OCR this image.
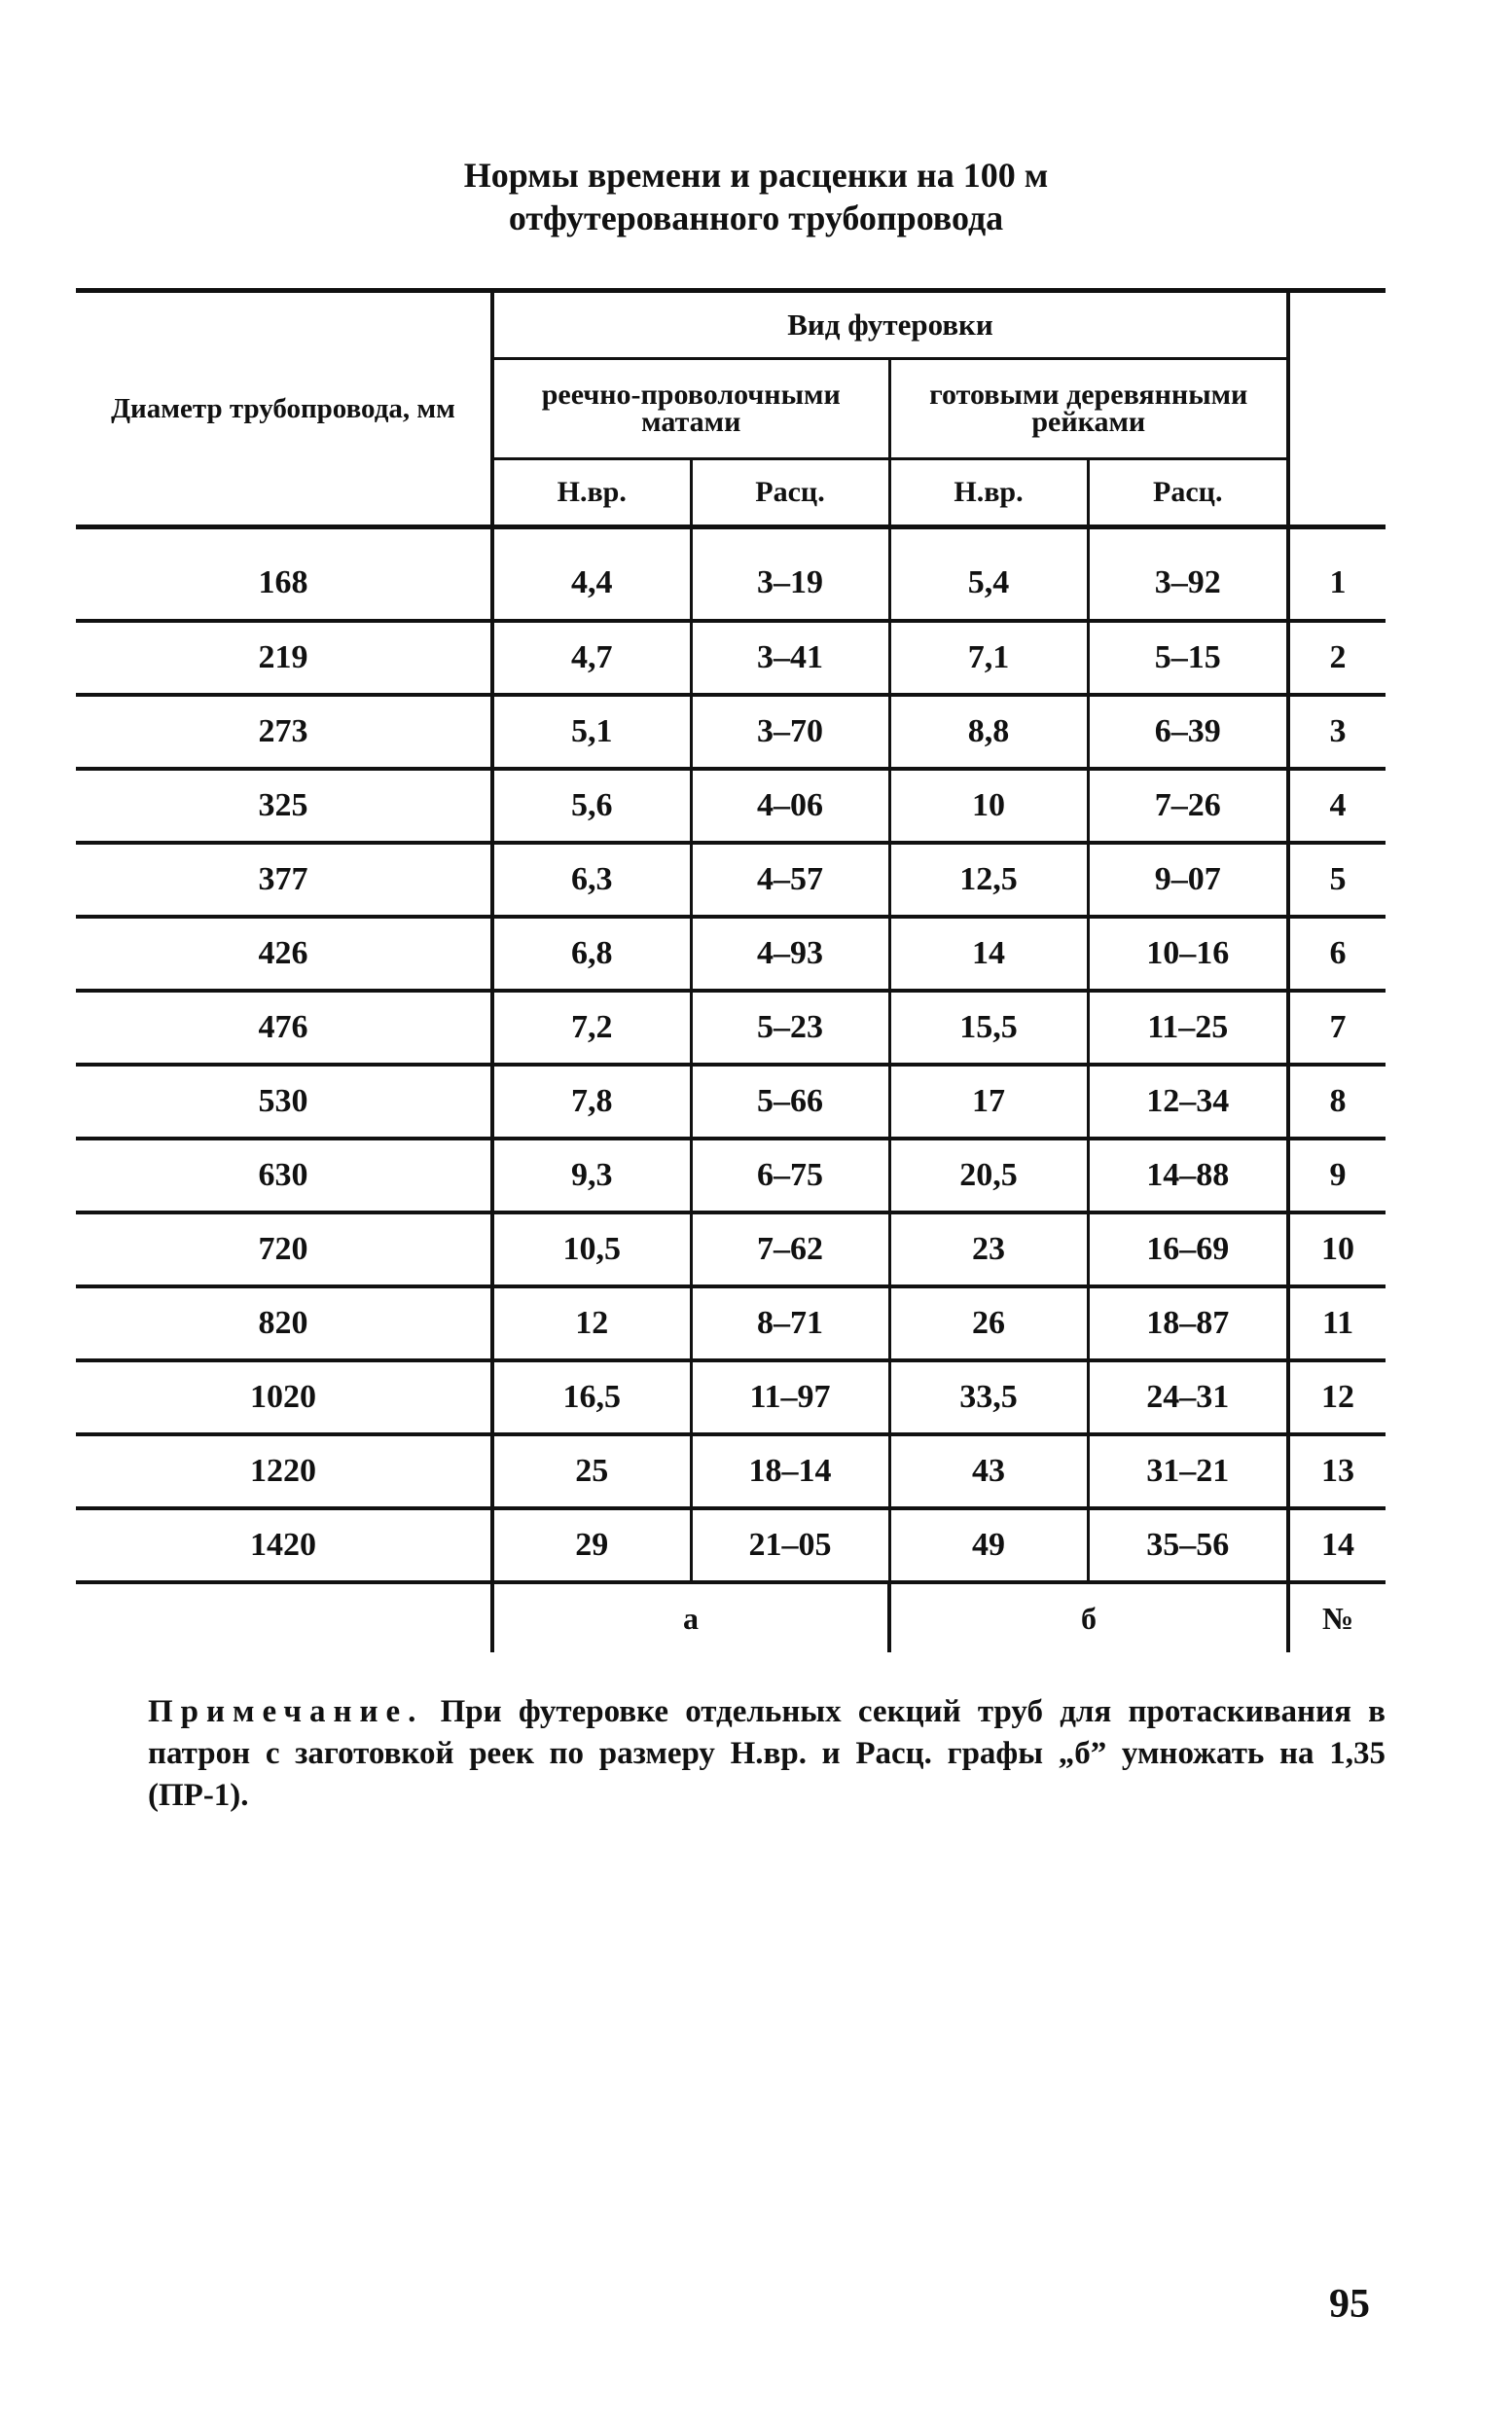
Нормы времени и расценки на 100 м
отфутерованного трубопровода
Диаметр трубопровода, мм	Вид футеровки				
	реечно-проволочными матами		готовыми деревянными рейками		
	Н.вр.	Расц.	Н.вр.	Расц.	
168	4,4	3–19	5,4	3–92	1
219	4,7	3–41	7,1	5–15	2
273	5,1	3–70	8,8	6–39	3
325	5,6	4–06	10	7–26	4
377	6,3	4–57	12,5	9–07	5
426	6,8	4–93	14	10–16	6
476	7,2	5–23	15,5	11–25	7
530	7,8	5–66	17	12–34	8
630	9,3	6–75	20,5	14–88	9
720	10,5	7–62	23	16–69	10
820	12	8–71	26	18–87	11
1020	16,5	11–97	33,5	24–31	12
1220	25	18–14	43	31–21	13
1420	29	21–05	49	35–56	14
	а		б		№
Примечание. При футеровке отдельных секций труб для протаскивания в патрон с заготовкой реек по размеру Н.вр. и Расц. графы „б” умножать на 1,35 (ПР-1).
95
